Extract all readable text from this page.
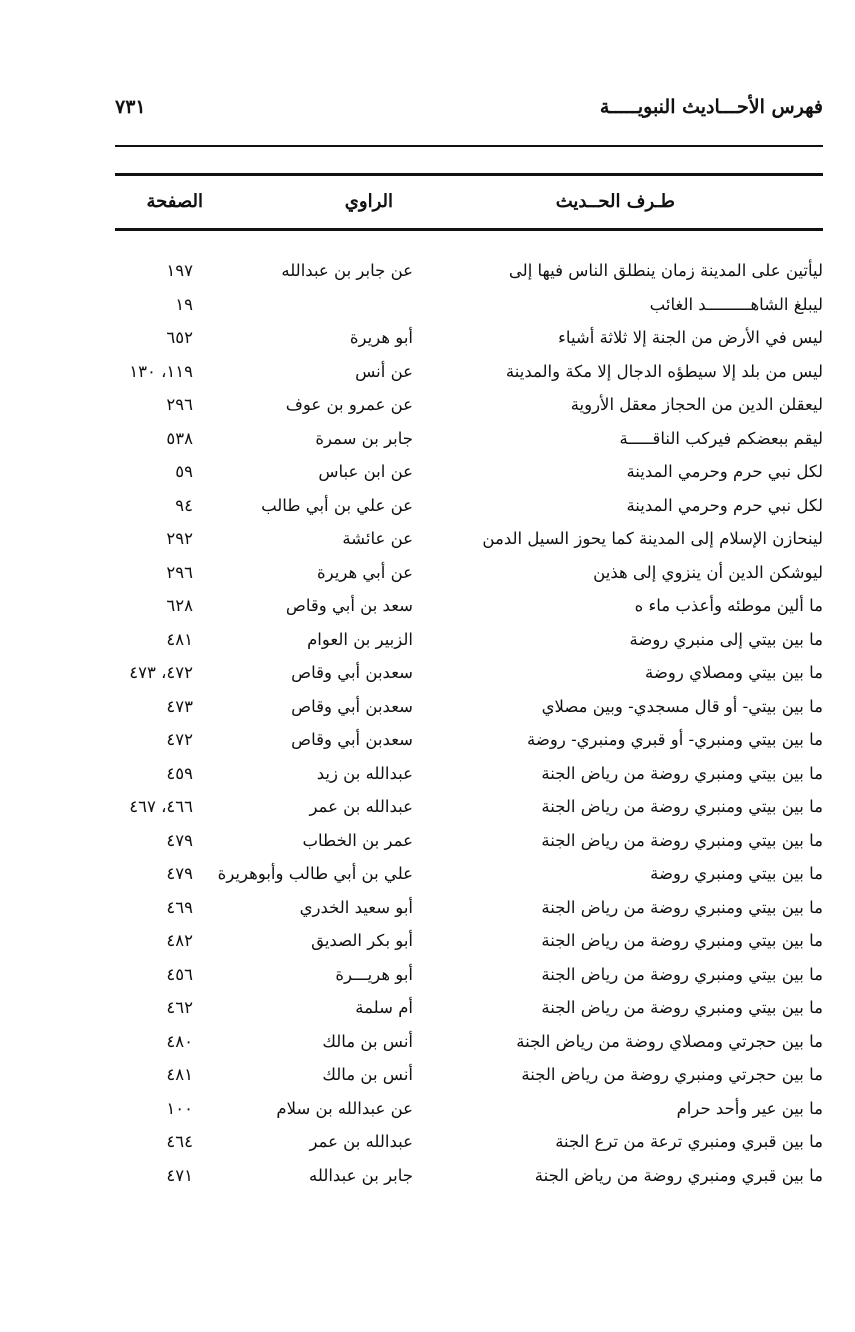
فهرس الأحـــاديث النبويـــــة
٧٣١
طـرف الحــديث
الراوي
الصفحة
ليأتين على المدينة زمان ينطلق الناس فيها إلى
عن جابر بن عبدالله
١٩٧
ليبلغ الشاهـــــــــد الغائب
١٩
ليس في الأرض من الجنة إلا ثلاثة أشياء
أبو هريرة
٦٥٢
ليس من بلد إلا سيطؤه الدجال إلا مكة والمدينة
عن أنس
١١٩، ١٣٠
ليعقلن الدين من الحجاز معقل الأروية
عن عمرو بن عوف
٢٩٦
ليقم ببعضكم فيركب الناقـــــة
جابر بن سمرة
٥٣٨
لكل نبي حرم وحرمي المدينة
عن ابن عباس
٥٩
لكل نبي حرم وحرمي المدينة
عن علي بن أبي طالب
٩٤
لينحازن الإسلام إلى المدينة كما يحوز السيل الدمن
عن عائشة
٢٩٢
ليوشكن الدين أن ينزوي إلى هذين
عن أبي هريرة
٢٩٦
ما ألين موطئه وأعذب ماء ه
سعد بن أبي وقاص
٦٢٨
ما بين بيتي إلى منبري روضة
الزبير بن العوام
٤٨١
ما بين بيتي ومصلاي روضة
سعدبن أبي وقاص
٤٧٢، ٤٧٣
ما بين بيتي- أو قال مسجدي- وبين مصلاي
سعدبن أبي وقاص
٤٧٣
ما بين بيتي ومنبري- أو قبري ومنبري- روضة
سعدبن أبي وقاص
٤٧٢
ما بين بيتي ومنبري روضة من رياض الجنة
عبدالله بن زيد
٤٥٩
ما بين بيتي ومنبري روضة من رياض الجنة
عبدالله بن عمر
٤٦٦، ٤٦٧
ما بين بيتي ومنبري روضة من رياض الجنة
عمر بن الخطاب
٤٧٩
ما بين بيتي ومنبري روضة
علي بن أبي طالب وأبوهريرة
٤٧٩
ما بين بيتي ومنبري روضة من رياض الجنة
أبو سعيد الخدري
٤٦٩
ما بين بيتي ومنبري روضة من رياض الجنة
أبو بكر الصديق
٤٨٢
ما بين بيتي ومنبري روضة من رياض الجنة
أبو هريـــرة
٤٥٦
ما بين بيتي ومنبري روضة من رياض الجنة
أم سلمة
٤٦٢
ما بين حجرتي ومصلاي روضة من رياض الجنة
أنس بن مالك
٤٨٠
ما بين حجرتي ومنبري روضة من رياض الجنة
أنس بن مالك
٤٨١
ما بين عير وأحد حرام
عن عبدالله بن سلام
١٠٠
ما بين قبري ومنبري ترعة من ترع الجنة
عبدالله بن عمر
٤٦٤
ما بين قبري ومنبري روضة من رياض الجنة
جابر بن عبدالله
٤٧١
